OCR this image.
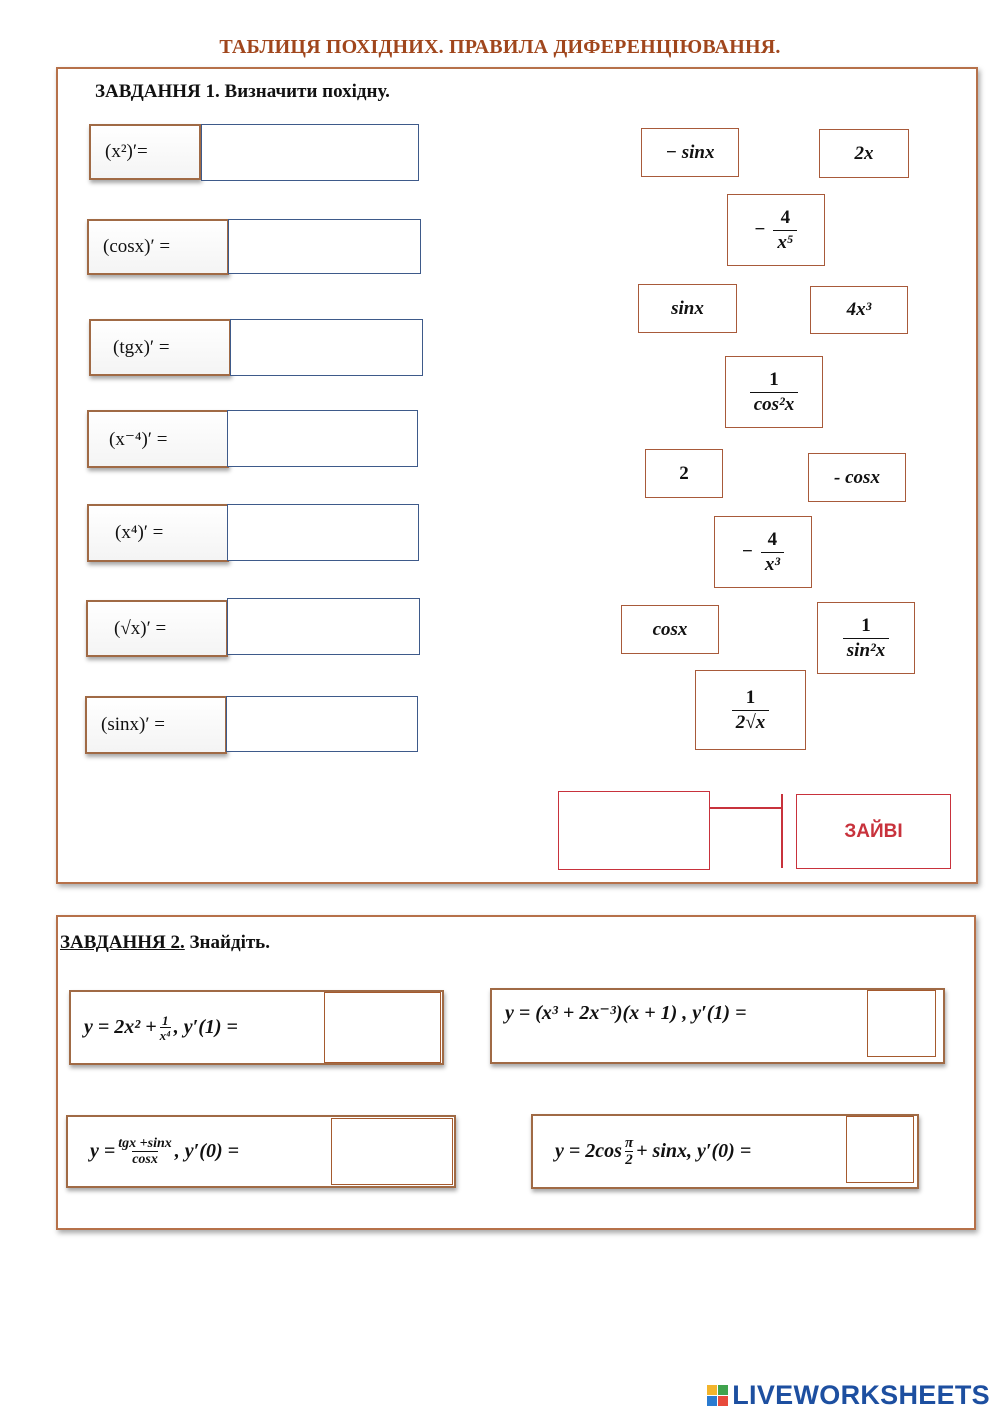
ТАБЛИЦЯ ПОХІДНИХ. ПРАВИЛА ДИФЕРЕНЦІЮВАННЯ.
ЗАВДАННЯ 1. Визначити похідну.
(x²)′=
(cosx)′ =
(tgx)′ =
(x⁻⁴)′ =
(x⁴)′ =
(√x)′ =
(sinx)′ =
− sinx	2x
− $\frac{4}{\text{x⁵}}$
sinx	4x³
$\frac{1}{\text{cos²x}}$
2	- cosx
− $\frac{4}{\text{x³}}$
cosx	$\frac{1}{\text{sin²x}}$
$\frac{1}{2√x}$
ЗАЙВІ
ЗАВДАННЯ 2. Знайдіть.
$y = 2x^2 + \frac{1}{\text{x⁴}}$ , y′(1) =
y = (x³ + 2x⁻³)(x + 1) , y′(1) =
$y = \frac{\text{tgx +sinx}}{\cos x}$ , y′(0) =	$y = 2\cos \frac{\pi}{2} + \sin x$, y′(0) =
LIVEWORKSHEETS
